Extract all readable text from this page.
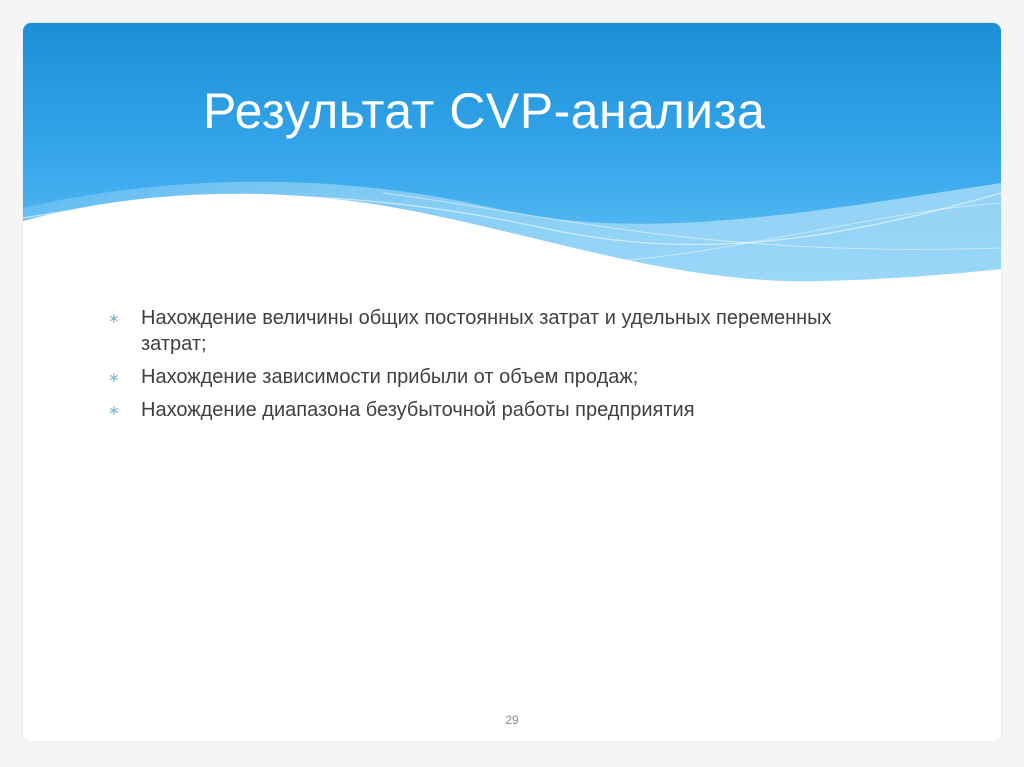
Результат CVP-анализа
∗ Нахождение величины общих постоянных затрат и удельных переменных затрат;
∗ Нахождение зависимости прибыли от объем продаж;
∗ Нахождение диапазона безубыточной работы предприятия
29
